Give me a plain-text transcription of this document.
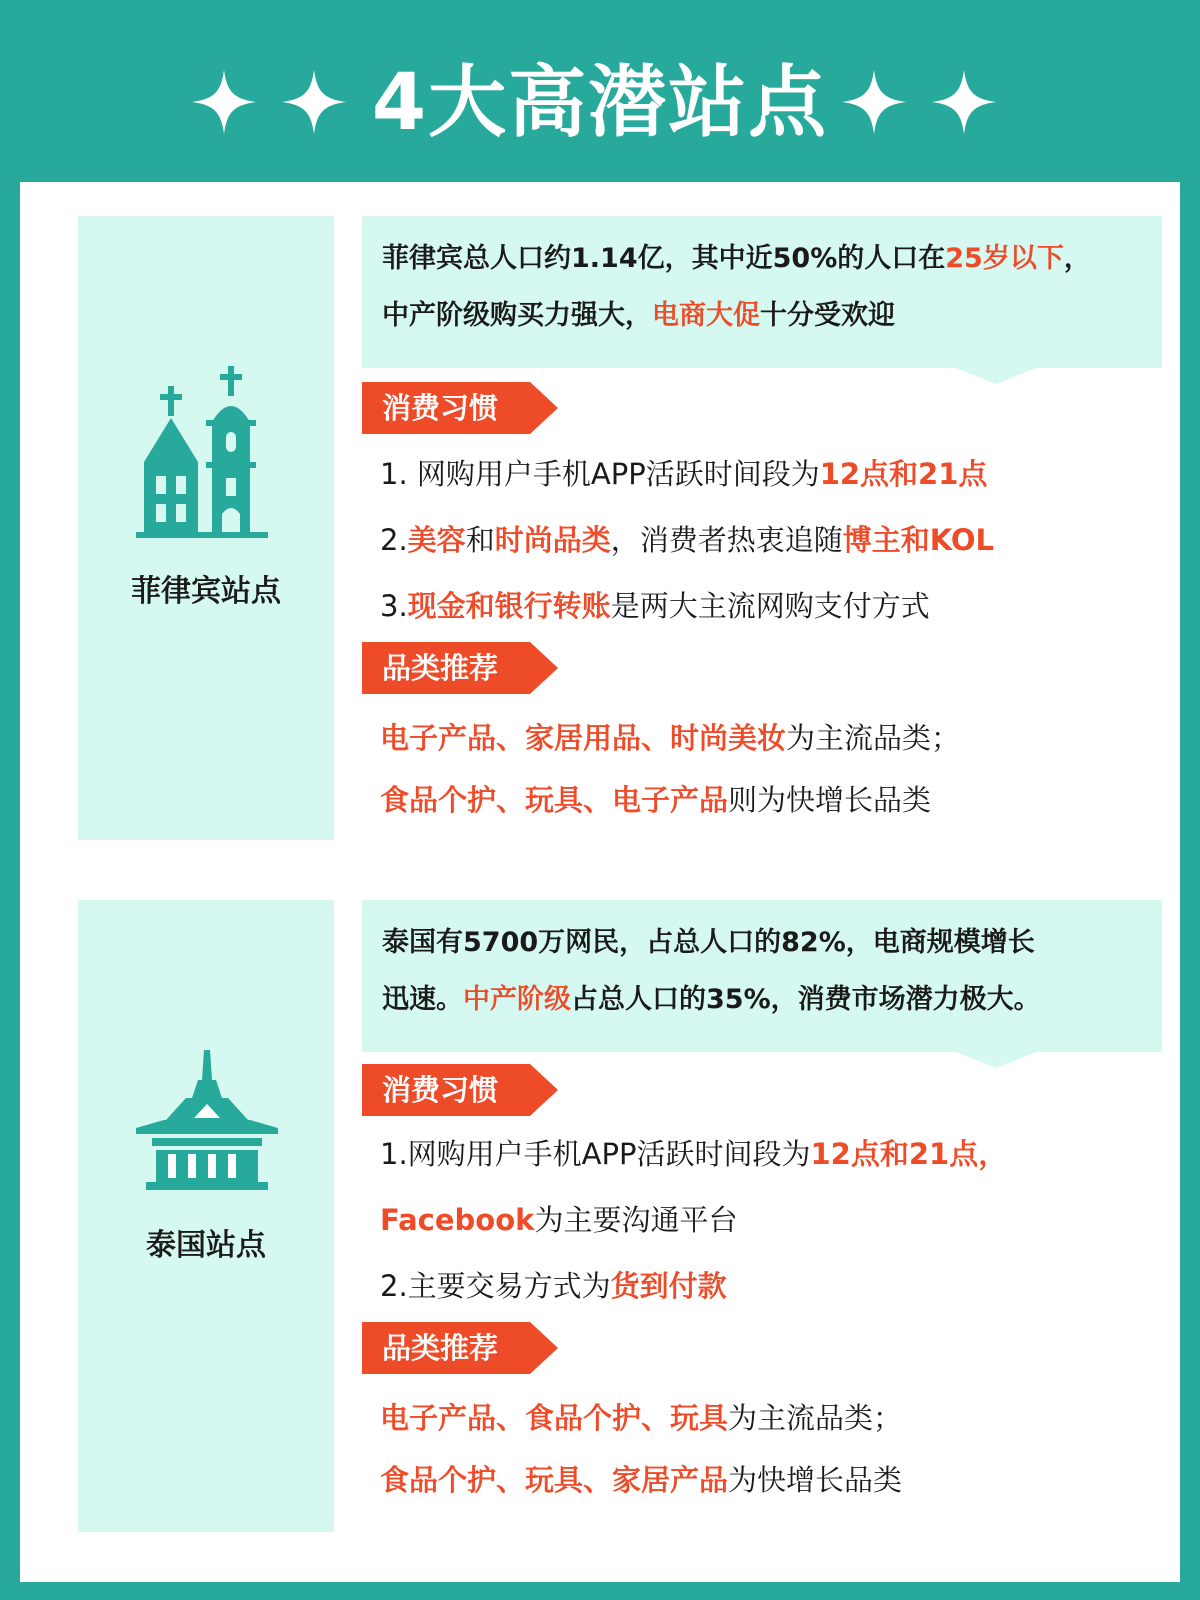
4大高潜站点
菲律宾站点
菲律宾总人口约1.14亿，其中近50%的人口在25岁以下，
中产阶级购买力强大，电商大促十分受欢迎
消费习惯
1. 网购用户手机APP活跃时间段为12点和21点
2.美容和时尚品类，消费者热衷追随博主和KOL
3.现金和银行转账是两大主流网购支付方式
品类推荐
电子产品、家居用品、时尚美妆为主流品类；
食品个护、玩具、电子产品则为快增长品类
泰国站点
泰国有5700万网民，占总人口的82%，电商规模增长
迅速。中产阶级占总人口的35%，消费市场潜力极大。
消费习惯
1.网购用户手机APP活跃时间段为12点和21点，
Facebook为主要沟通平台
2.主要交易方式为货到付款
品类推荐
电子产品、食品个护、玩具为主流品类；
食品个护、玩具、家居产品为快增长品类
